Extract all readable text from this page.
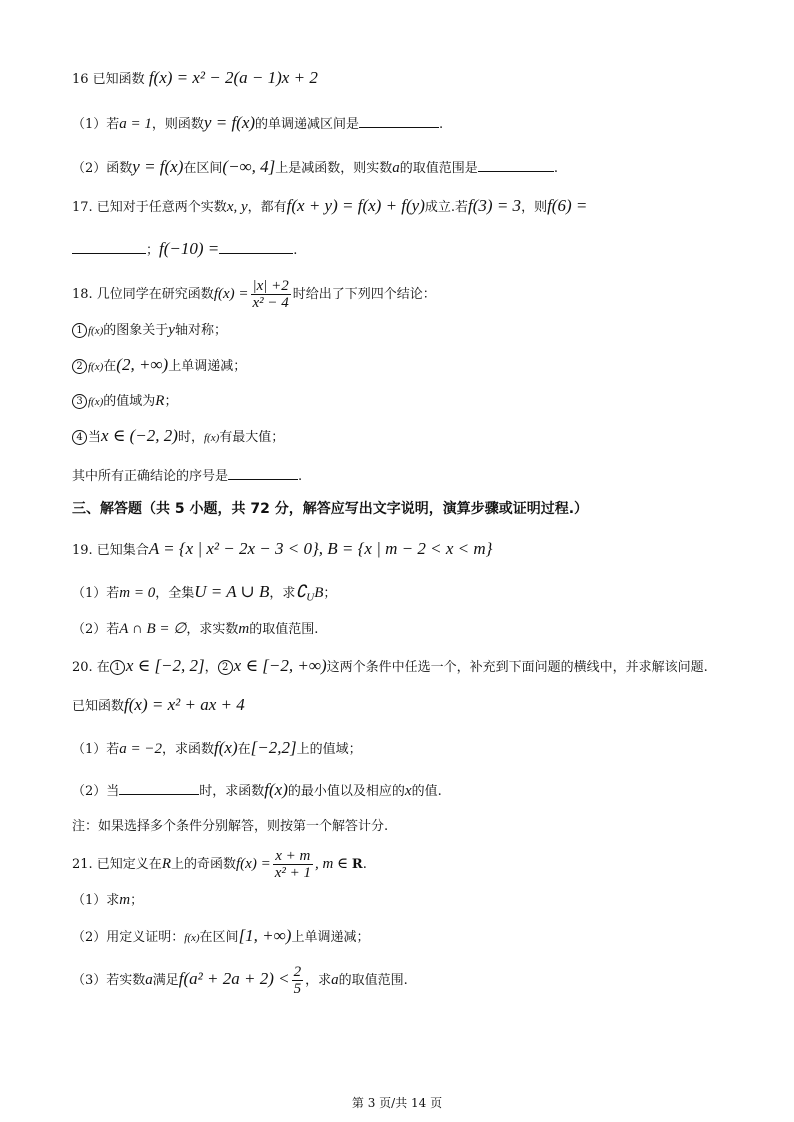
16 已知函数 f(x) = x² − 2(a − 1)x + 2
（1）若a = 1，则函数y = f(x)的单调递减区间是	.
（2）函数y = f(x)在区间(−∞, 4]上是减函数，则实数a的取值范围是	.
17. 已知对于任意两个实数x, y，都有f(x + y) = f(x) + f(y)成立.若f(3) = 3，则f(6) =
；f(−10) =	.
18. 几位同学在研究函数$f(x) = \frac{|x| +2}{\text{x² − 4}}$ 时给出了下列四个结论：
1 f(x)的图象关于y轴对称；
2 f(x)在(2, +∞)上单调递减；
3 f(x)的值域为R；
4 当x ∈ (−2, 2)时，f(x)有最大值；
其中所有正确结论的序号是	.
三、解答题（共 5 小题，共 72 分，解答应写出文字说明，演算步骤或证明过程.）
19. 已知集合A = {x | x² − 2x − 3 < 0}, B = {x | m − 2 < x < m}
（1）若m = 0，全集U = A ∪ B，求$∁_UB$；
（2）若A ∩ B = ∅，求实数m的取值范围.
20. 在 1 x ∈ [−2, 2]， 2 x ∈ [−2, +∞)这两个条件中任选一个，补充到下面问题的横线中，并求解该问题.
已知函数f(x) = x² + ax + 4
（1）若a = −2，求函数f(x)在[−2,2]上的值域；
（2）当	时，求函数f(x)的最小值以及相应的x的值.
注：如果选择多个条件分别解答，则按第一个解答计分.
21. 已知定义在R上的奇函数$f(x) = \frac{x + m}{\text{x² + 1}}$ , m ∈ R.
（1）求m；
（2）用定义证明：f(x)在区间[1, +∞)上单调递减；
（3）若实数a满足$f(a^2 + 2a + 2) < \frac{2}{5}$ ，求a的取值范围.
第 3 页/共 14 页
